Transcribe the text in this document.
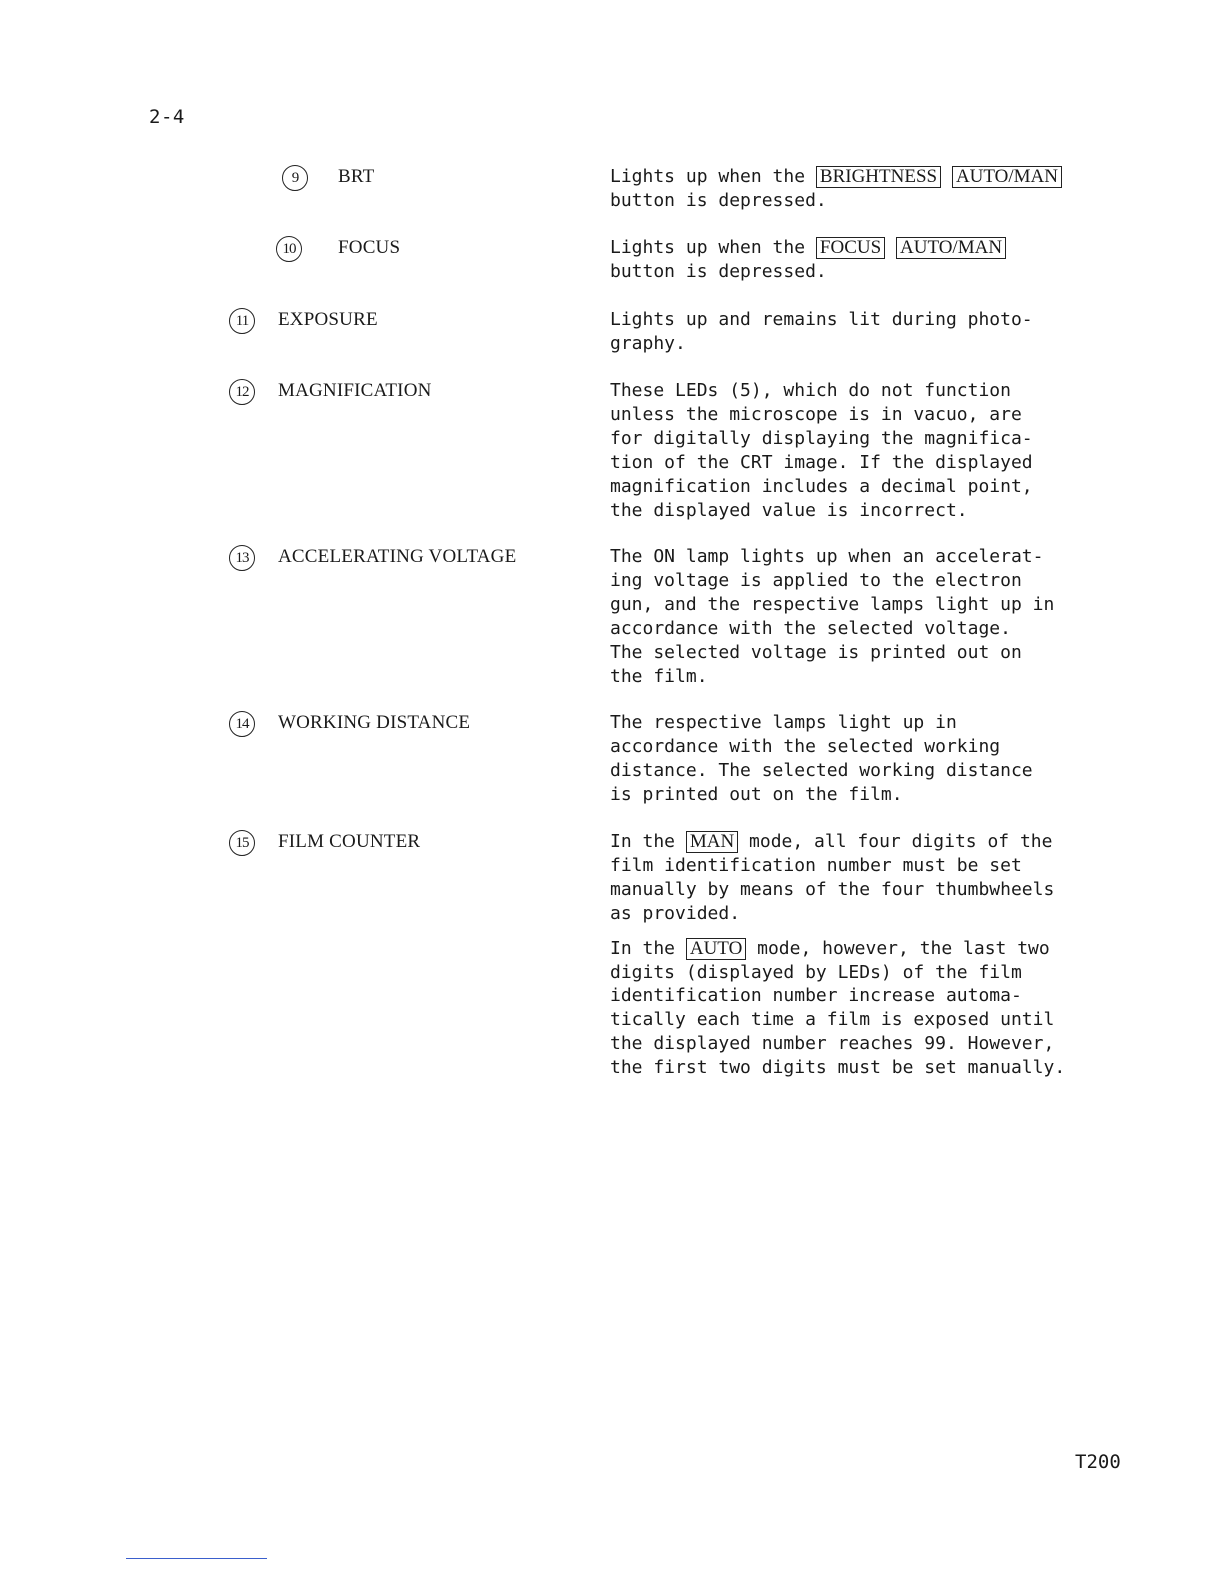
2-4
9	BRT	Lights up when the BRIGHTNESS AUTO/MAN
button is depressed.

10	FOCUS	Lights up when the FOCUS AUTO/MAN
button is depressed.

11	EXPOSURE	Lights up and remains lit during photo-
graphy.

12	MAGNIFICATION	These LEDs (5), which do not function
unless the microscope is in vacuo, are
for digitally displaying the magnifica-
tion of the CRT image. If the displayed
magnification includes a decimal point,
the displayed value is incorrect.

13	ACCELERATING VOLTAGE	The ON lamp lights up when an accelerat-
ing voltage is applied to the electron
gun, and the respective lamps light up in
accordance with the selected voltage.
The selected voltage is printed out on
the film.

14	WORKING DISTANCE	The respective lamps light up in
accordance with the selected working
distance. The selected working distance
is printed out on the film.

15	FILM COUNTER	In the MAN mode, all four digits of the
film identification number must be set
manually by means of the four thumbwheels
as provided.

In the AUTO mode, however, the last two
digits (displayed by LEDs) of the film
identification number increase automa-
tically each time a film is exposed until
the displayed number reaches 99. However,
the first two digits must be set manually.

T200
